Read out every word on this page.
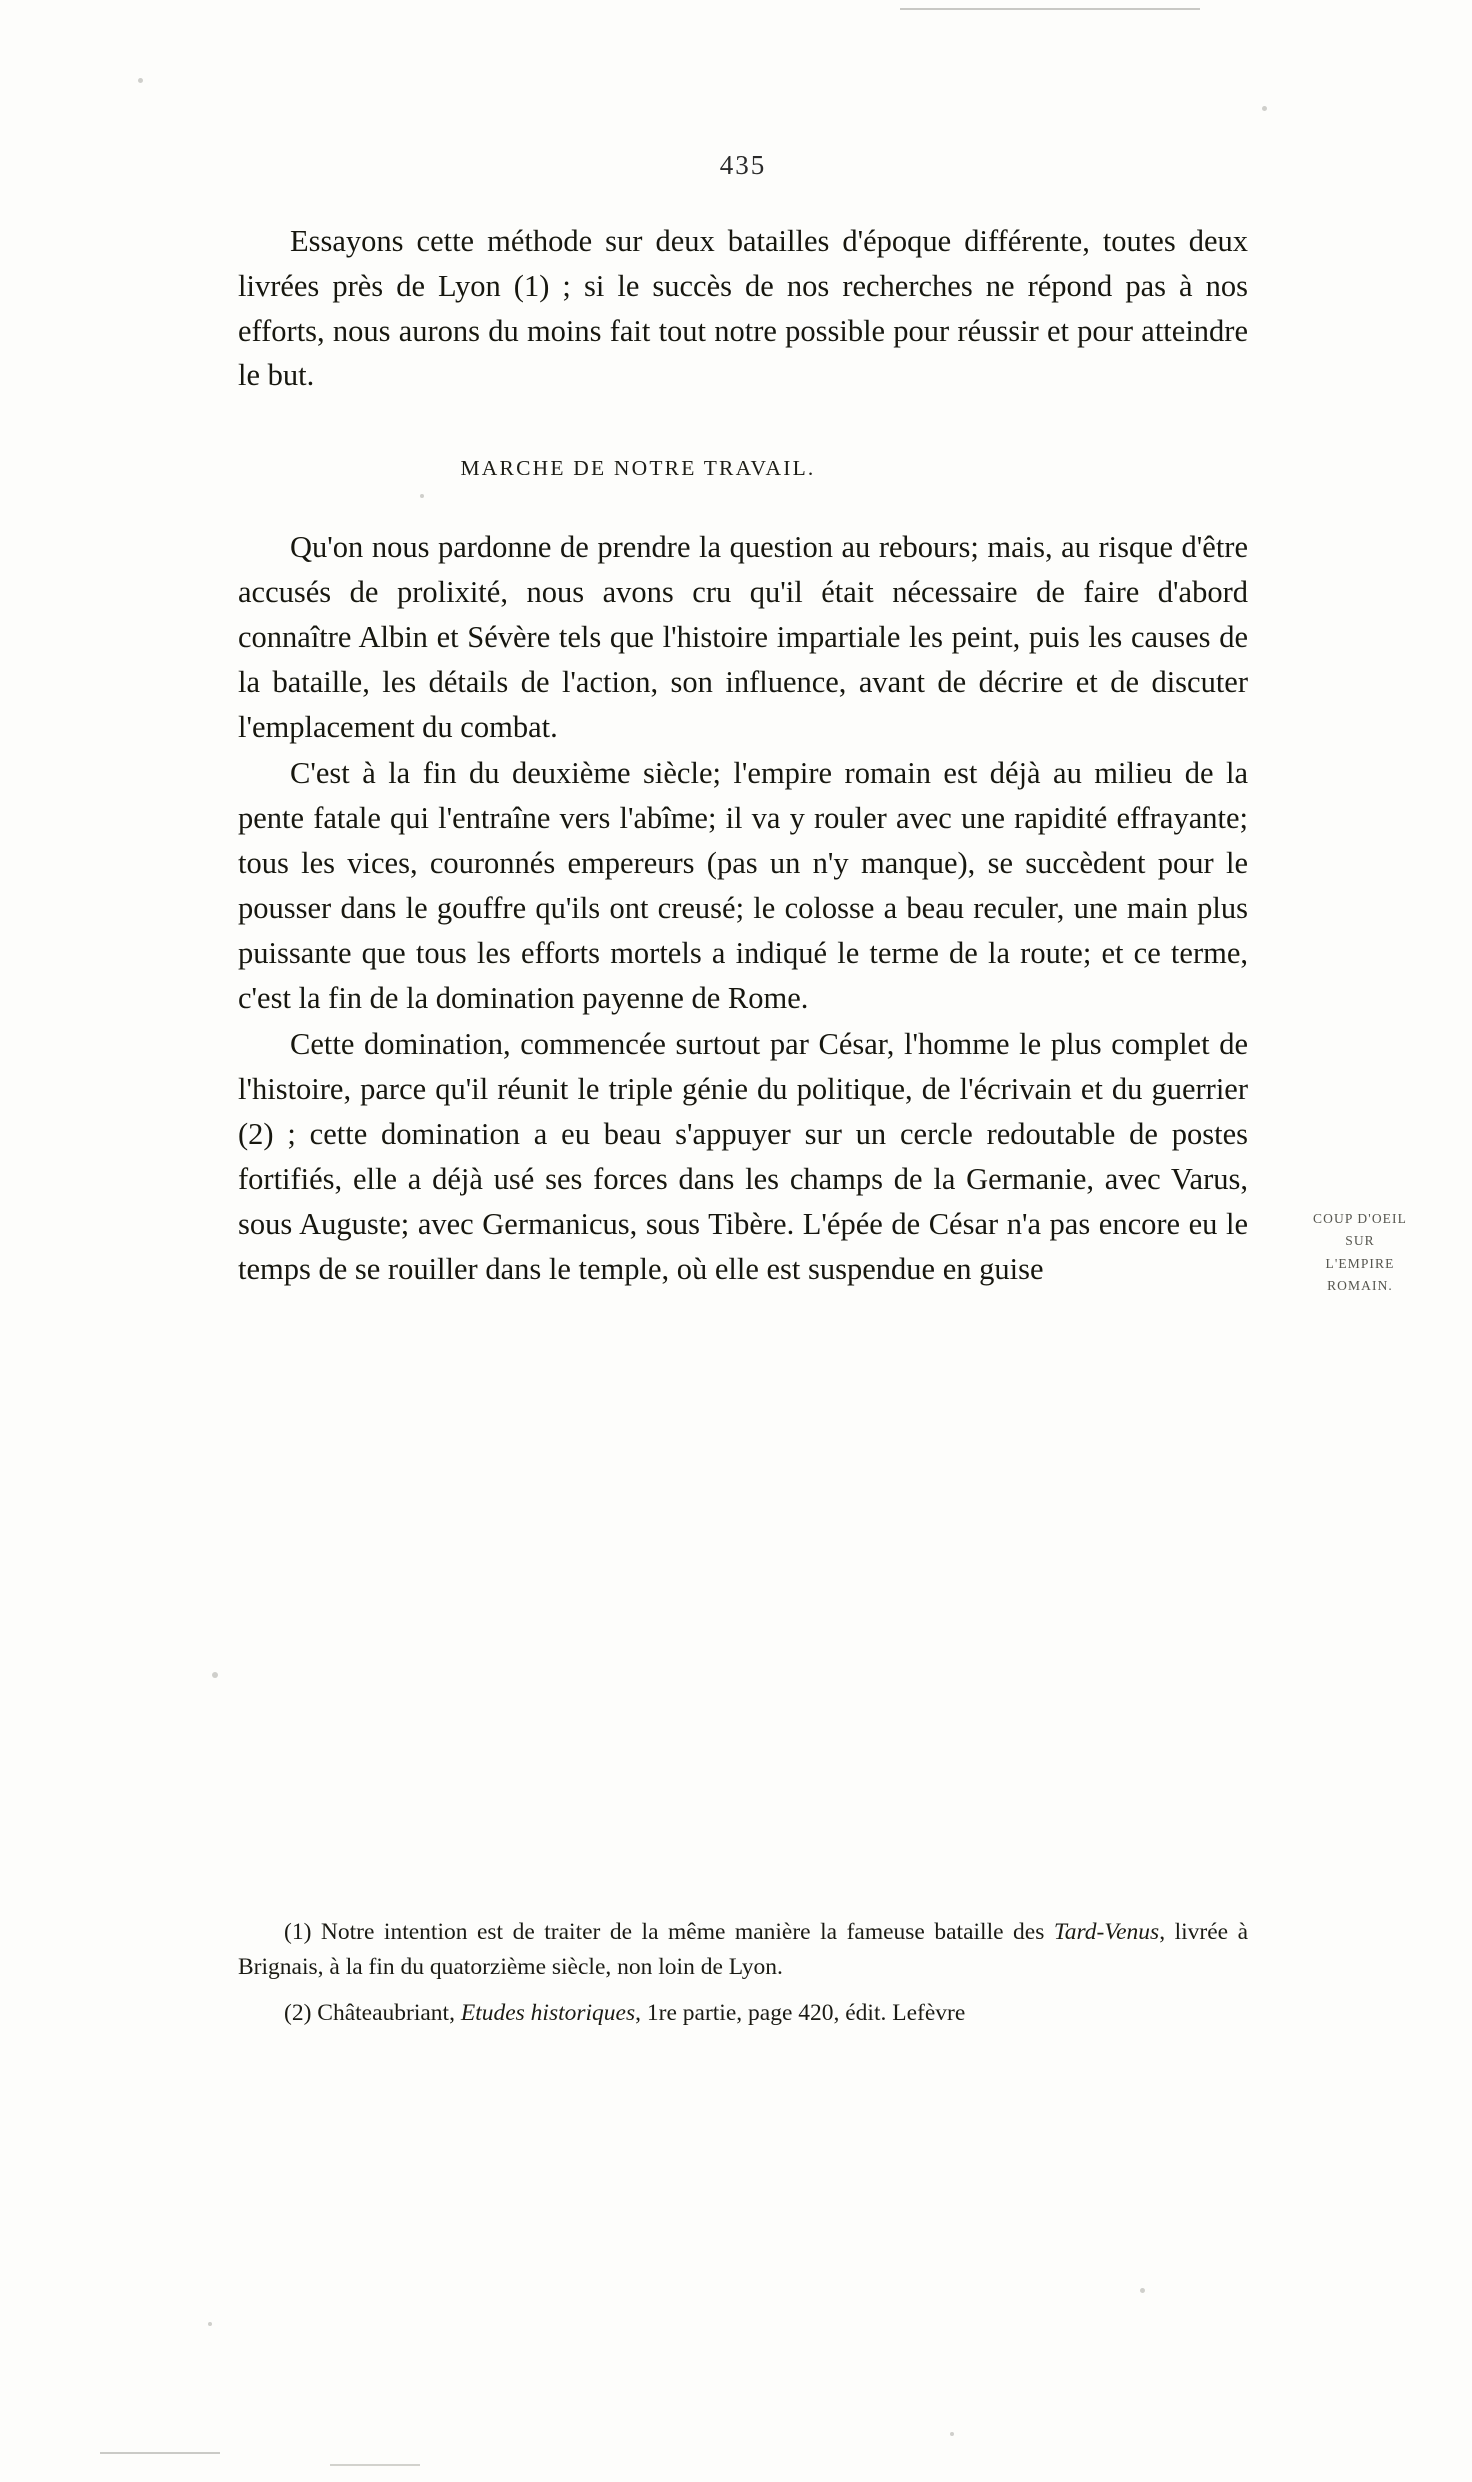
435

Essayons cette méthode sur deux batailles d'époque différente, toutes deux livrées près de Lyon (1) ; si le succès de nos recherches ne répond pas à nos efforts, nous aurons du moins fait tout notre possible pour réussir et pour atteindre le but.

MARCHE DE NOTRE TRAVAIL.

Qu'on nous pardonne de prendre la question au rebours; mais, au risque d'être accusés de prolixité, nous avons cru qu'il était nécessaire de faire d'abord connaître Albin et Sévère tels que l'histoire impartiale les peint, puis les causes de la bataille, les détails de l'action, son influence, avant de décrire et de discuter l'emplacement du combat.

C'est à la fin du deuxième siècle; l'empire romain est déjà au milieu de la pente fatale qui l'entraîne vers l'abîme; il va y rouler avec une rapidité effrayante; tous les vices, couronnés empereurs (pas un n'y manque), se succèdent pour le pousser dans le gouffre qu'ils ont creusé; le colosse a beau reculer, une main plus puissante que tous les efforts mortels a indiqué le terme de la route; et ce terme, c'est la fin de la domination payenne de Rome.

Cette domination, commencée surtout par César, l'homme le plus complet de l'histoire, parce qu'il réunit le triple génie du politique, de l'écrivain et du guerrier (2) ; cette domination a eu beau s'appuyer sur un cercle redoutable de postes fortifiés, elle a déjà usé ses forces dans les champs de la Germanie, avec Varus, sous Auguste; avec Germanicus, sous Tibère. L'épée de César n'a pas encore eu le temps de se rouiller dans le temple, où elle est suspendue en guise

COUP D'OEIL
SUR
L'EMPIRE
ROMAIN.

(1) Notre intention est de traiter de la même manière la fameuse bataille des Tard-Venus, livrée à Brignais, à la fin du quatorzième siècle, non loin de Lyon.

(2) Châteaubriant, Etudes historiques, 1re partie, page 420, édit. Lefèvre
